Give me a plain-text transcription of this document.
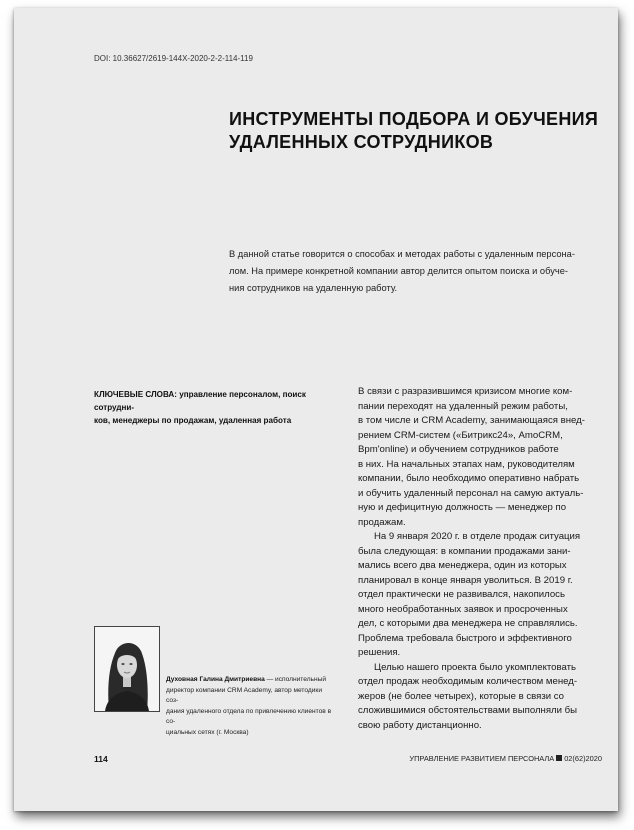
DOI: 10.36627/2619-144X-2020-2-2-114-119
ИНСТРУМЕНТЫ ПОДБОРА И ОБУЧЕНИЯ
УДАЛЕННЫХ СОТРУДНИКОВ
В данной статье говорится о способах и методах работы с удаленным персона-
лом. На примере конкретной компании автор делится опытом поиска и обуче-
ния сотрудников на удаленную работу.
КЛЮЧЕВЫЕ СЛОВА: управление персоналом, поиск сотрудни-
ков, менеджеры по продажам, удаленная работа

В связи с разразившимся кризисом многие ком-
пании переходят на удаленный режим работы,
в том числе и CRM Academy, занимающаяся внед-
рением CRM-систем («Битрикс24», AmoCRM,
Bpm'online) и обучением сотрудников работе
в них. На начальных этапах нам, руководителям
компании, было необходимо оперативно набрать
и обучить удаленный персонал на самую актуаль-
ную и дефицитную должность — менеджер по
продажам.

На 9 января 2020 г. в отделе продаж ситуация
была следующая: в компании продажами зани-
мались всего два менеджера, один из которых
планировал в конце января уволиться. В 2019 г.
отдел практически не развивался, накопилось
много необработанных заявок и просроченных
дел, с которыми два менеджера не справлялись.
Проблема требовала быстрого и эффективного
решения.

Целью нашего проекта было укомплектовать
отдел продаж необходимым количеством менед-
жеров (не более четырех), которые в связи со
сложившимися обстоятельствами выполняли бы
свою работу дистанционно.

Духовная Галина Дмитриевна — исполнительный
директор компании CRM Academy, автор методики соз-
дания удаленного отдела по привлечению клиентов в со-
циальных сетях (г. Москва)
114	УПРАВЛЕНИЕ РАЗВИТИЕМ ПЕРСОНАЛА 02(62)2020
